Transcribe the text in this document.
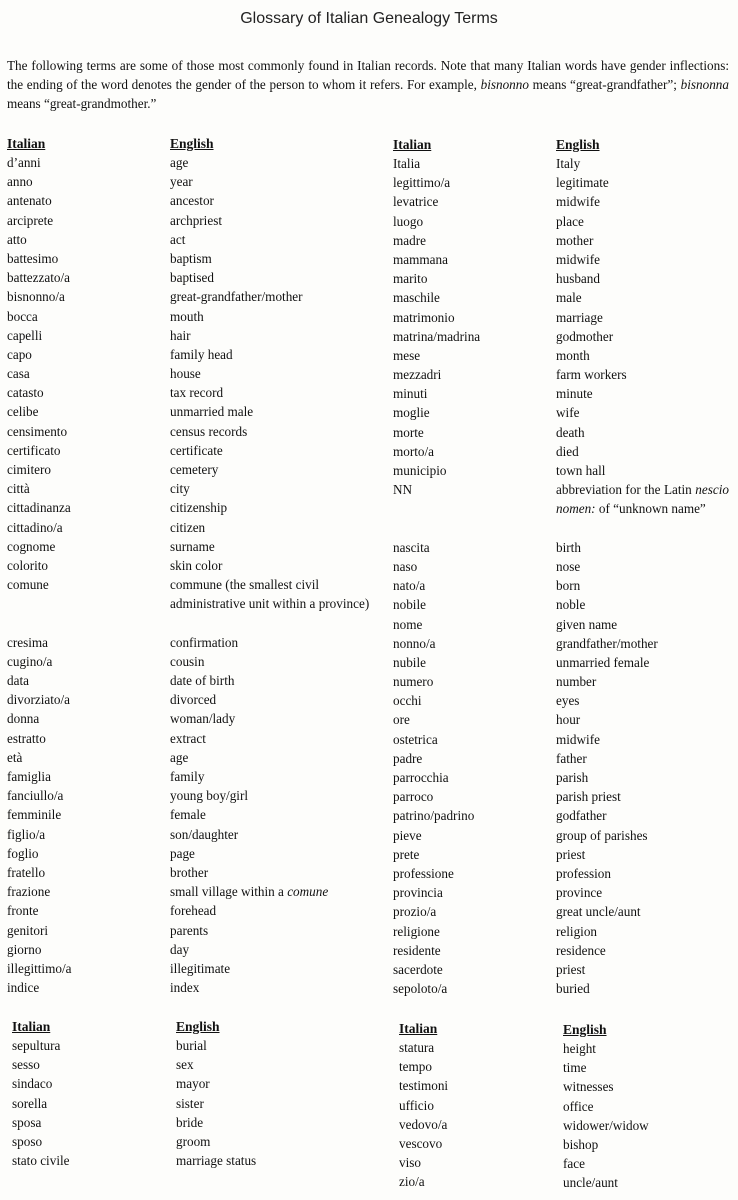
Glossary of Italian Genealogy Terms
The following terms are some of those most commonly found in Italian records. Note that many Italian words have gender inflections: the ending of the word denotes the gender of the person to whom it refers. For example, bisnonno means “great-grandfather”; bisnonna means “great-grandmother.”
Italian
d’anni
anno
antenato
arciprete
atto
battesimo
battezzato/a
bisnonno/a
bocca
capelli
capo
casa
catasto
celibe
censimento
certificato
cimitero
città
cittadinanza
cittadino/a
cognome
colorito
comune
cresima
cugino/a
data
divorziato/a
donna
estratto
età
famiglia
fanciullo/a
femminile
figlio/a
foglio
fratello
frazione
fronte
genitori
giorno
illegittimo/a
indice
English
age
year
ancestor
archpriest
act
baptism
baptised
great-grandfather/mother
mouth
hair
family head
house
tax record
unmarried male
census records
certificate
cemetery
city
citizenship
citizen
surname
skin color
commune (the smallest civil administrative unit within a province)
confirmation
cousin
date of birth
divorced
woman/lady
extract
age
family
young boy/girl
female
son/daughter
page
brother
small village within a comune
forehead
parents
day
illegitimate
index
Italian
Italia
legittimo/a
levatrice
luogo
madre
mammana
marito
maschile
matrimonio
matrina/madrina
mese
mezzadri
minuti
moglie
morte
morto/a
municipio
NN
nascita
naso
nato/a
nobile
nome
nonno/a
nubile
numero
occhi
ore
ostetrica
padre
parrocchia
parroco
patrino/padrino
pieve
prete
professione
provincia
prozio/a
religione
residente
sacerdote
sepoloto/a
English
Italy
legitimate
midwife
place
mother
midwife
husband
male
marriage
godmother
month
farm workers
minute
wife
death
died
town hall
abbreviation for the Latin nescio nomen: of “unknown name”
birth
nose
born
noble
given name
grandfather/mother
unmarried female
number
eyes
hour
midwife
father
parish
parish priest
godfather
group of parishes
priest
profession
province
great uncle/aunt
religion
residence
priest
buried
Italian
sepultura
sesso
sindaco
sorella
sposa
sposo
stato civile
English
burial
sex
mayor
sister
bride
groom
marriage status
Italian
statura
tempo
testimoni
ufficio
vedovo/a
vescovo
viso
zio/a
English
height
time
witnesses
office
widower/widow
bishop
face
uncle/aunt
